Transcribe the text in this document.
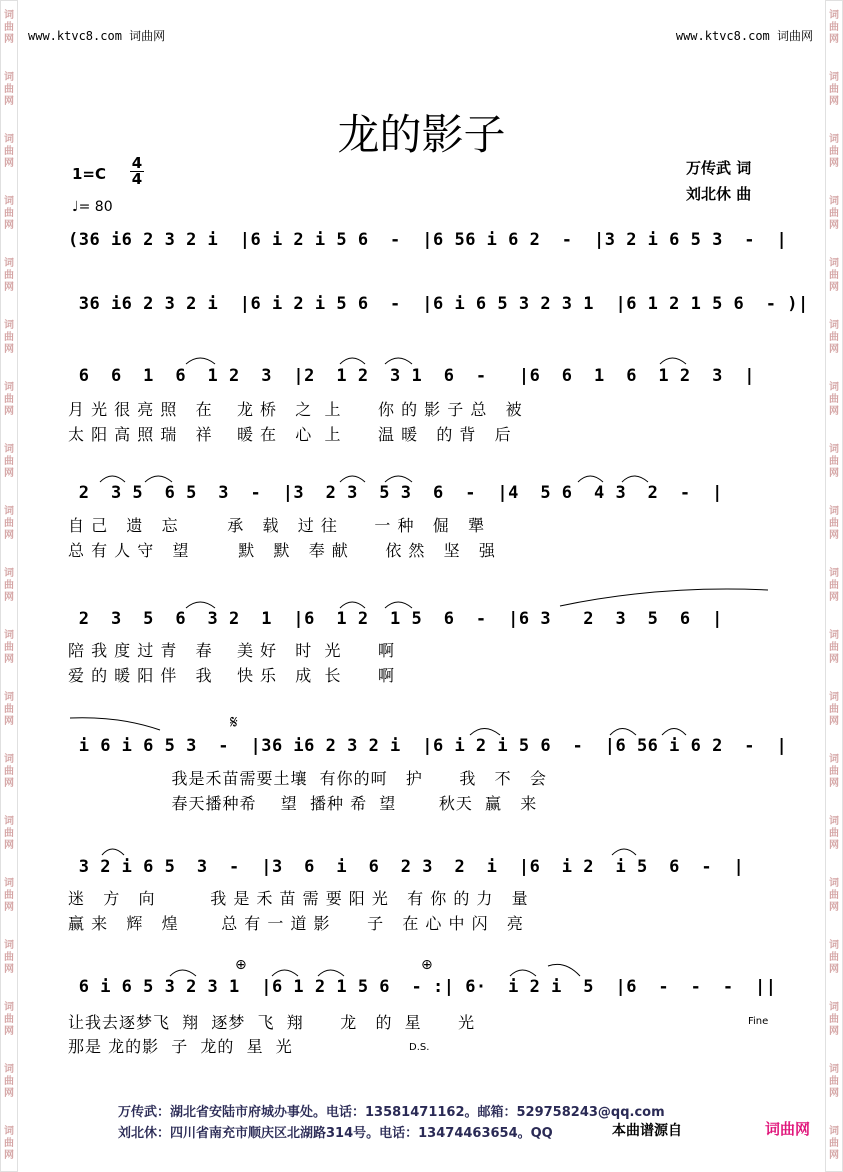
词
曲
网
词
曲
网
词
曲
网
词
曲
网
词
曲
网
词
曲
网
词
曲
网
词
曲
网
词
曲
网
词
曲
网
词
曲
网
词
曲
网
词
曲
网
词
曲
网
词
曲
网
词
曲
网
词
曲
网
词
曲
网
词
曲
网
词
曲
网
词
曲
网
词
曲
网
词
曲
网
词
曲
网
词
曲
网
词
曲
网
词
曲
网
词
曲
网
词
曲
网
词
曲
网
词
曲
网
词
曲
网
词
曲
网
词
曲
网
词
曲
网
词
曲
网
词
曲
网
词
曲
网
www.ktvc8.com 词曲网	www.ktvc8.com 词曲网
龙的影子
1=C
4
4
♩= 80
万传武 词
刘北休 曲
(36 i6 2 3 2 i  |6 i 2 i 5 6  -  |6 56 i 6 2  -  |3 2 i 6 5 3  -  |
36 i6 2 3 2 i  |6 i 2 i 5 6  -  |6 i 6 5 3 2 3 1  |6 1 2 1 5 6  - )|
6  6  1  6  1 2  3  |2  1 2  3 1  6  -   |6  6  1  6  1 2  3  |
月 光 很 亮 照   在    龙 桥   之  上      你 的 影 子 总   被
太 阳 高 照 瑞   祥    暖 在   心  上      温 暖   的 背   后
2  3 5  6 5  3  -  |3  2 3  5 3  6  -  |4  5 6  4 3  2  -  |
自 己   遗   忘        承   载   过 往      一 种   倔   犟
总 有 人 守   望        默   默   奉 献      依 然   坚   强
2  3  5  6  3 2  1  |6  1 2  1 5  6  -  |6 3   2  3  5  6  |
陪 我 度 过 青   春    美 好   时  光      啊
爱 的 暖 阳 伴   我    快 乐   成  长      啊
i 6 i 6 5 3  -  |36 i6 2 3 2 i  |6 i 2 i 5 6  -  |6 56 i 6 2  -  |
我是禾苗需要土壤  有你的呵   护      我   不   会
春天播种希    望  播种 希  望       秋天  赢   来
3 2 i 6 5  3  -  |3  6  i  6  2 3  2  i  |6  i 2  i 5  6  -  |
迷   方   向         我 是 禾 苗 需 要 阳 光   有 你 的 力   量
赢 来   辉   煌       总 有 一 道 影      子   在 心 中 闪   亮
6 i 6 5 3 2 3 1  |6 1 2 1 5 6  - :| 6·  i 2 i  5  |6  -  -  -  ||
让我去逐梦飞  翔  逐梦  飞  翔      龙   的  星      光
那是 龙的影  子  龙的  星  光
𝄋
⊕	⊕
D.S.
Fine
万传武：湖北省安陆市府城办事处。电话：13581471162。邮箱：529758243@qq.com
刘北休：四川省南充市顺庆区北湖路314号。电话：13474463654。QQ	本曲谱源自	词曲网
